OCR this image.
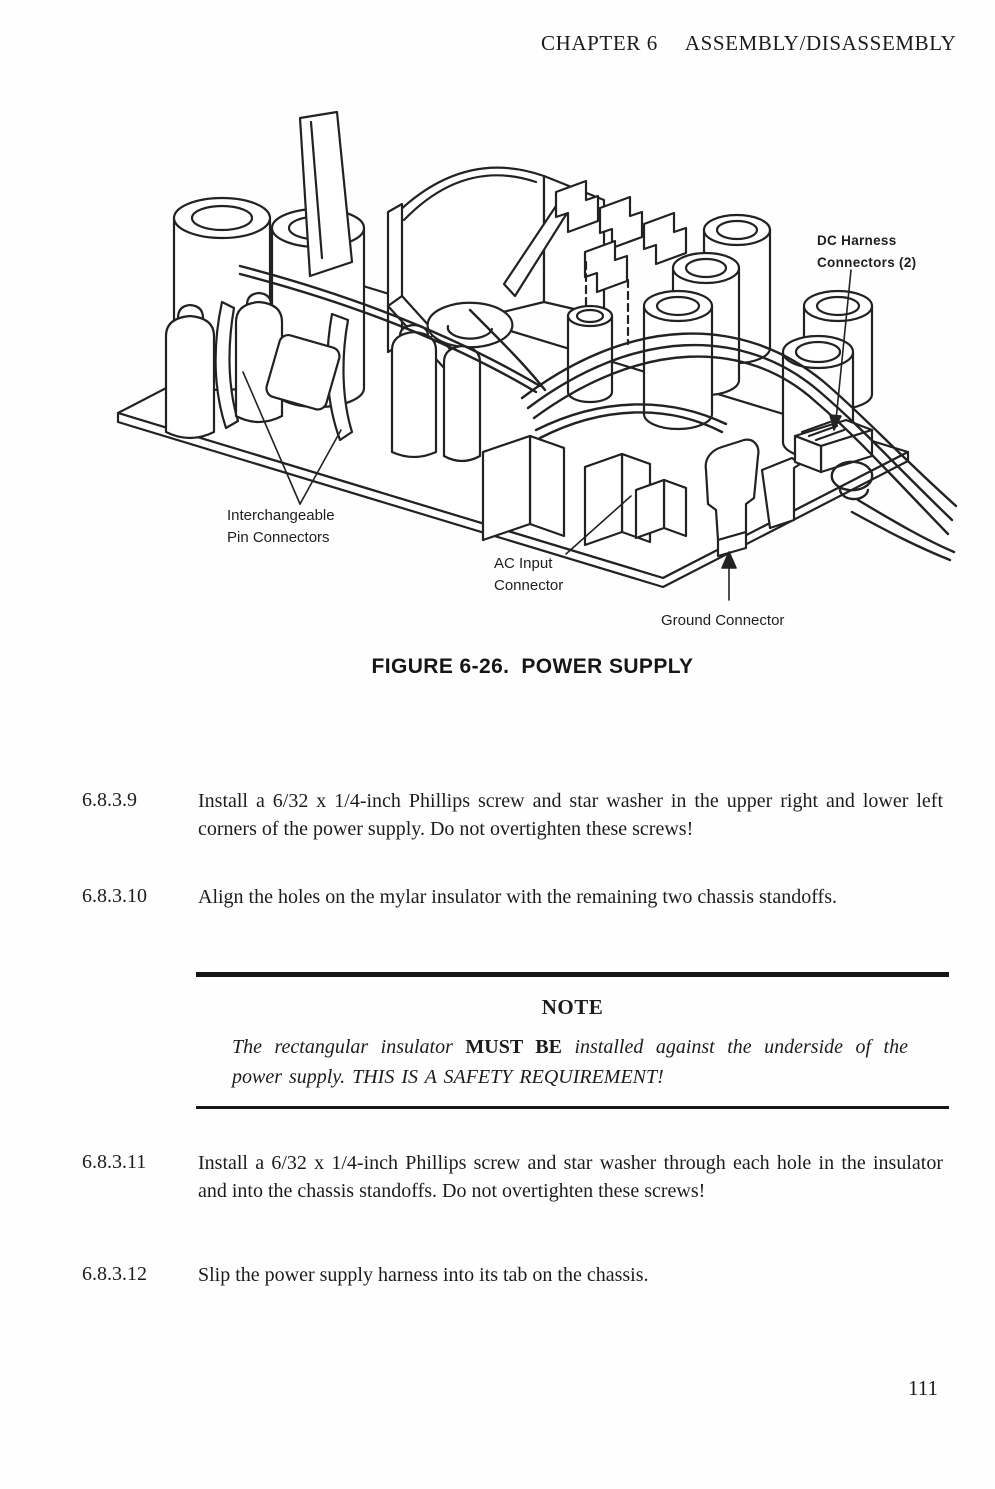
CHAPTER 6 ASSEMBLY/DISASSEMBLY
DC Harness
Connectors (2)
Interchangeable
Pin Connectors
AC Input
Connector
Ground Connector
FIGURE 6-26. POWER SUPPLY
6.8.3.9	Install a 6/32 x 1/4-inch Phillips screw and star washer in the upper right and lower left corners of the power supply. Do not overtighten these screws!
6.8.3.10	Align the holes on the mylar insulator with the remaining two chassis standoffs.
NOTE
The rectangular insulator MUST BE installed against the underside of the power supply. THIS IS A SAFETY REQUIREMENT!
6.8.3.11	Install a 6/32 x 1/4-inch Phillips screw and star washer through each hole in the insulator and into the chassis standoffs. Do not overtighten these screws!
6.8.3.12	Slip the power supply harness into its tab on the chassis.
111
